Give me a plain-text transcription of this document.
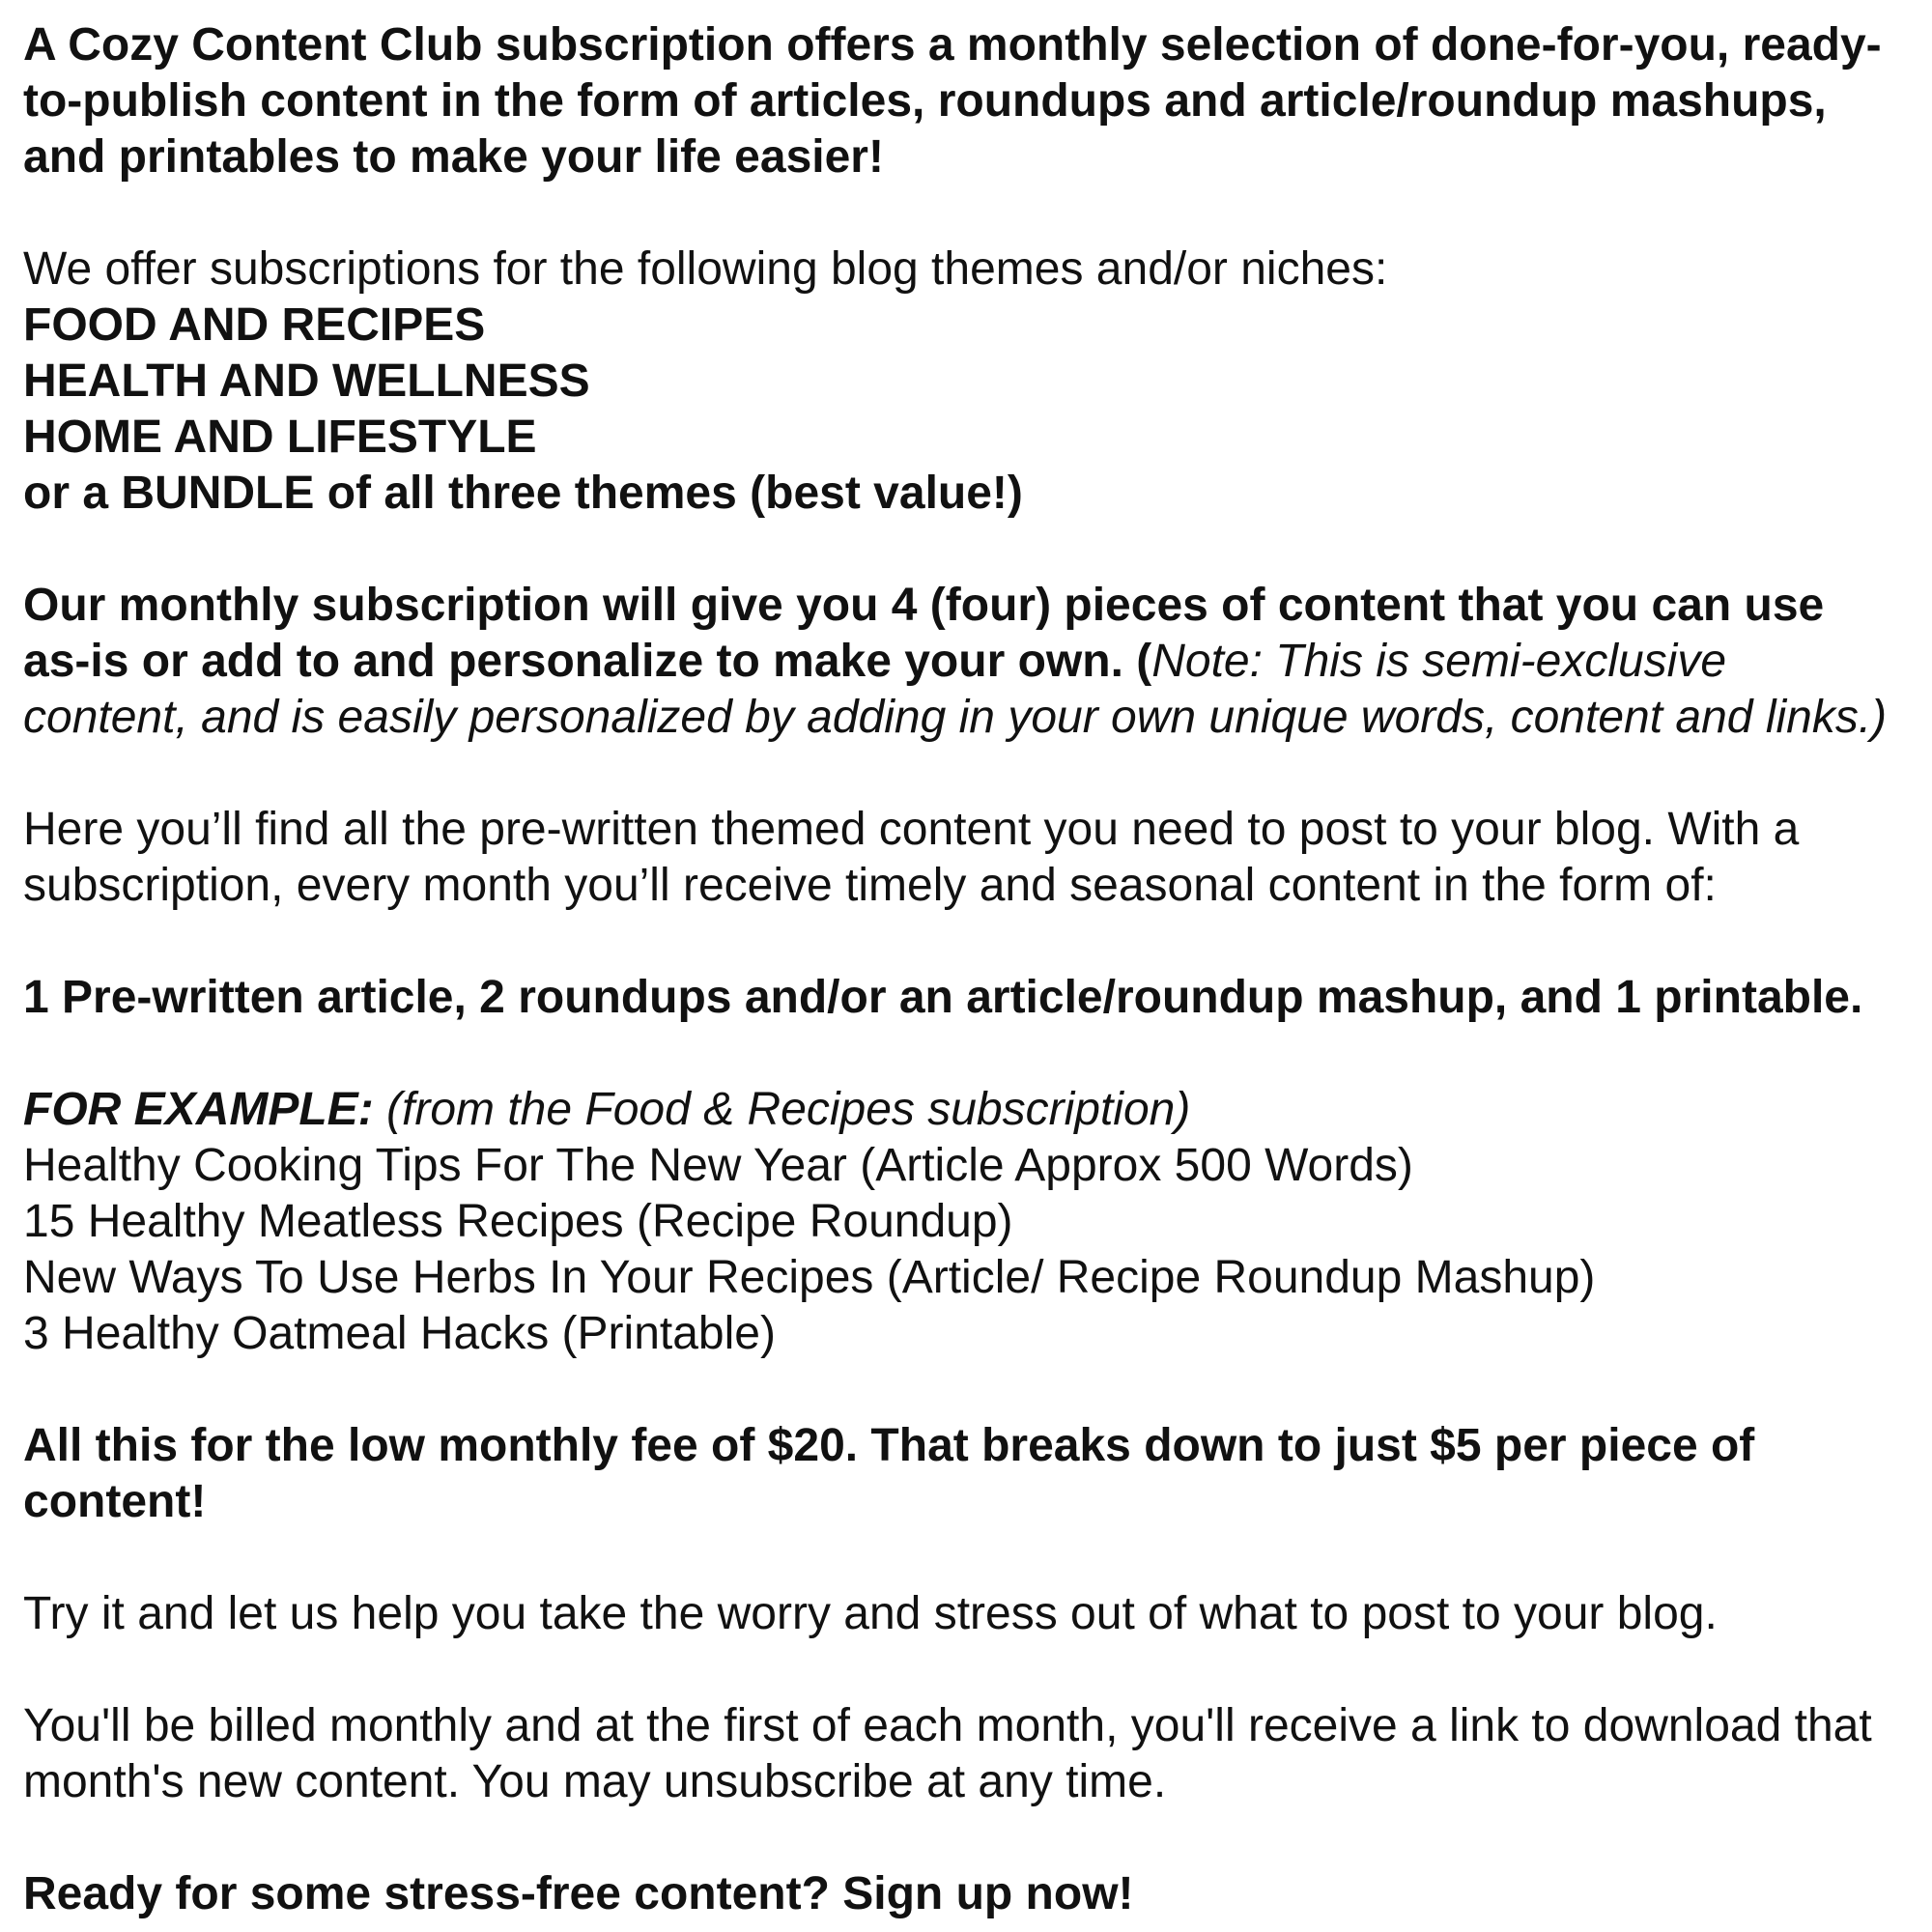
A Cozy Content Club subscription offers a monthly selection of done-for-you, ready-
to-publish content in the form of articles, roundups and article/roundup mashups,
and printables to make your life easier!
We offer subscriptions for the following blog themes and/or niches:
FOOD AND RECIPES
HEALTH AND WELLNESS
HOME AND LIFESTYLE
or a BUNDLE of all three themes (best value!)
Our monthly subscription will give you 4 (four) pieces of content that you can use
as-is or add to and personalize to make your own. (Note: This is semi-exclusive
content, and is easily personalized by adding in your own unique words, content and links.)
Here you’ll find all the pre-written themed content you need to post to your blog. With a
subscription, every month you’ll receive timely and seasonal content in the form of:
1 Pre-written article, 2 roundups and/or an article/roundup mashup, and 1 printable.
FOR EXAMPLE: (from the Food & Recipes subscription)
Healthy Cooking Tips For The New Year (Article Approx 500 Words)
15 Healthy Meatless Recipes (Recipe Roundup)
New Ways To Use Herbs In Your Recipes (Article/ Recipe Roundup Mashup)
3 Healthy Oatmeal Hacks (Printable)
All this for the low monthly fee of $20. That breaks down to just $5 per piece of
content!
Try it and let us help you take the worry and stress out of what to post to your blog.
You'll be billed monthly and at the first of each month, you'll receive a link to download that
month's new content. You may unsubscribe at any time.
Ready for some stress-free content? Sign up now!
